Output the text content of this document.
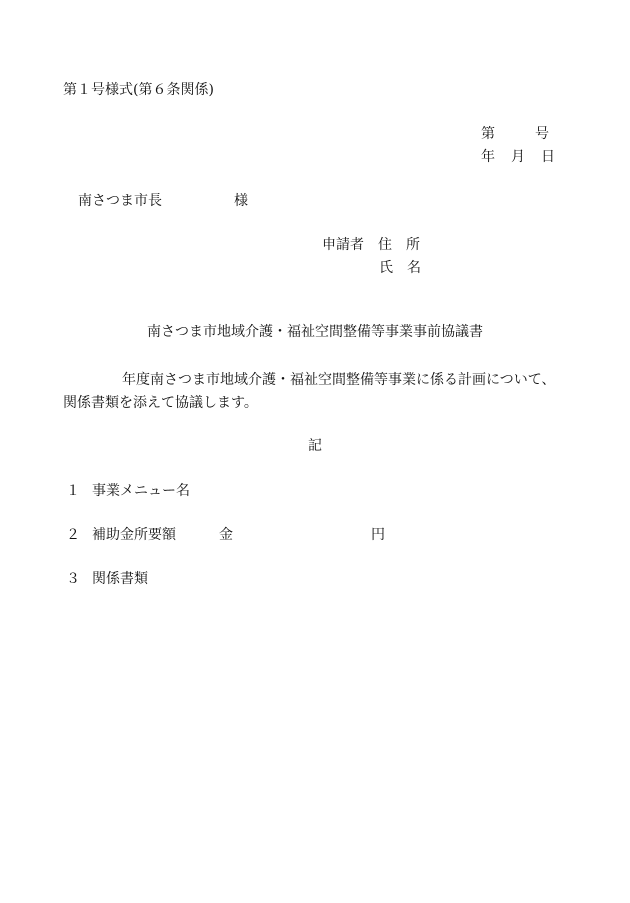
第１号様式(第６条関係)
第	号
年 月 日
南さつま市長	様
申請者 住　所
氏　名
南さつま市地域介護・福祉空間整備等事業事前協議書
年度南さつま市地域介護・福祉空間整備等事業に係る計画について、
関係書類を添えて協議します。
記
１ 事業メニュー名
２ 補助金所要額	金	円
３ 関係書類
